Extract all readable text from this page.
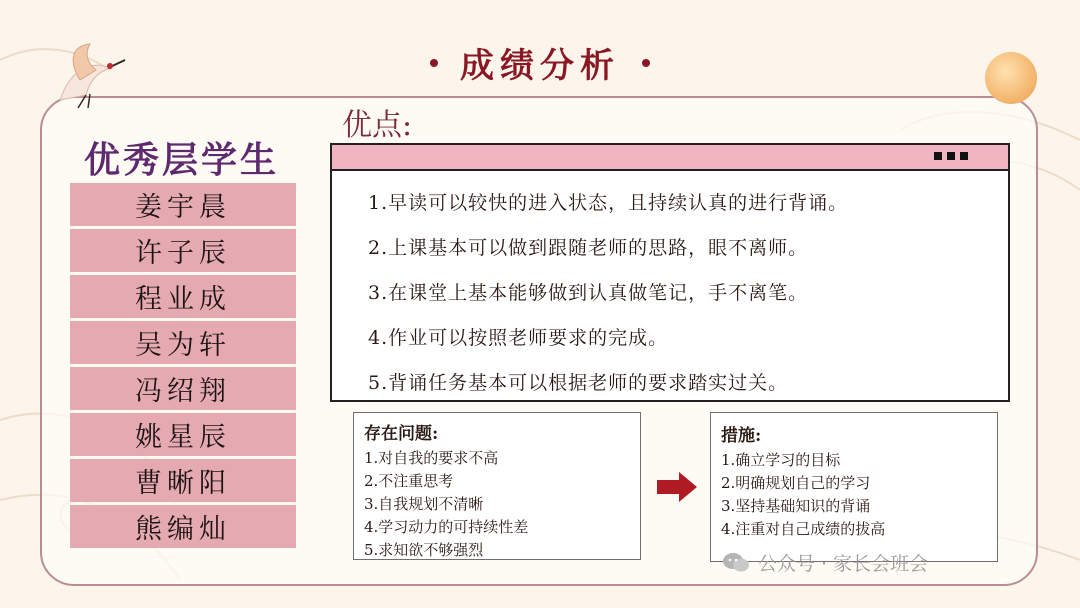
成绩分析
优秀层学生
姜宇晨
许子辰
程业成
吴为轩
冯绍翔
姚星辰
曹晰阳
熊编灿
优点:
1.早读可以较快的进入状态，且持续认真的进行背诵。
2.上课基本可以做到跟随老师的思路，眼不离师。
3.在课堂上基本能够做到认真做笔记，手不离笔。
4.作业可以按照老师要求的完成。
5.背诵任务基本可以根据老师的要求踏实过关。
存在问题:
1.对自我的要求不高
2.不注重思考
3.自我规划不清晰
4.学习动力的可持续性差
5.求知欲不够强烈
措施:
1.确立学习的目标
2.明确规划自己的学习
3.坚持基础知识的背诵
4.注重对自己成绩的拔高
公众号 · 家长会班会
